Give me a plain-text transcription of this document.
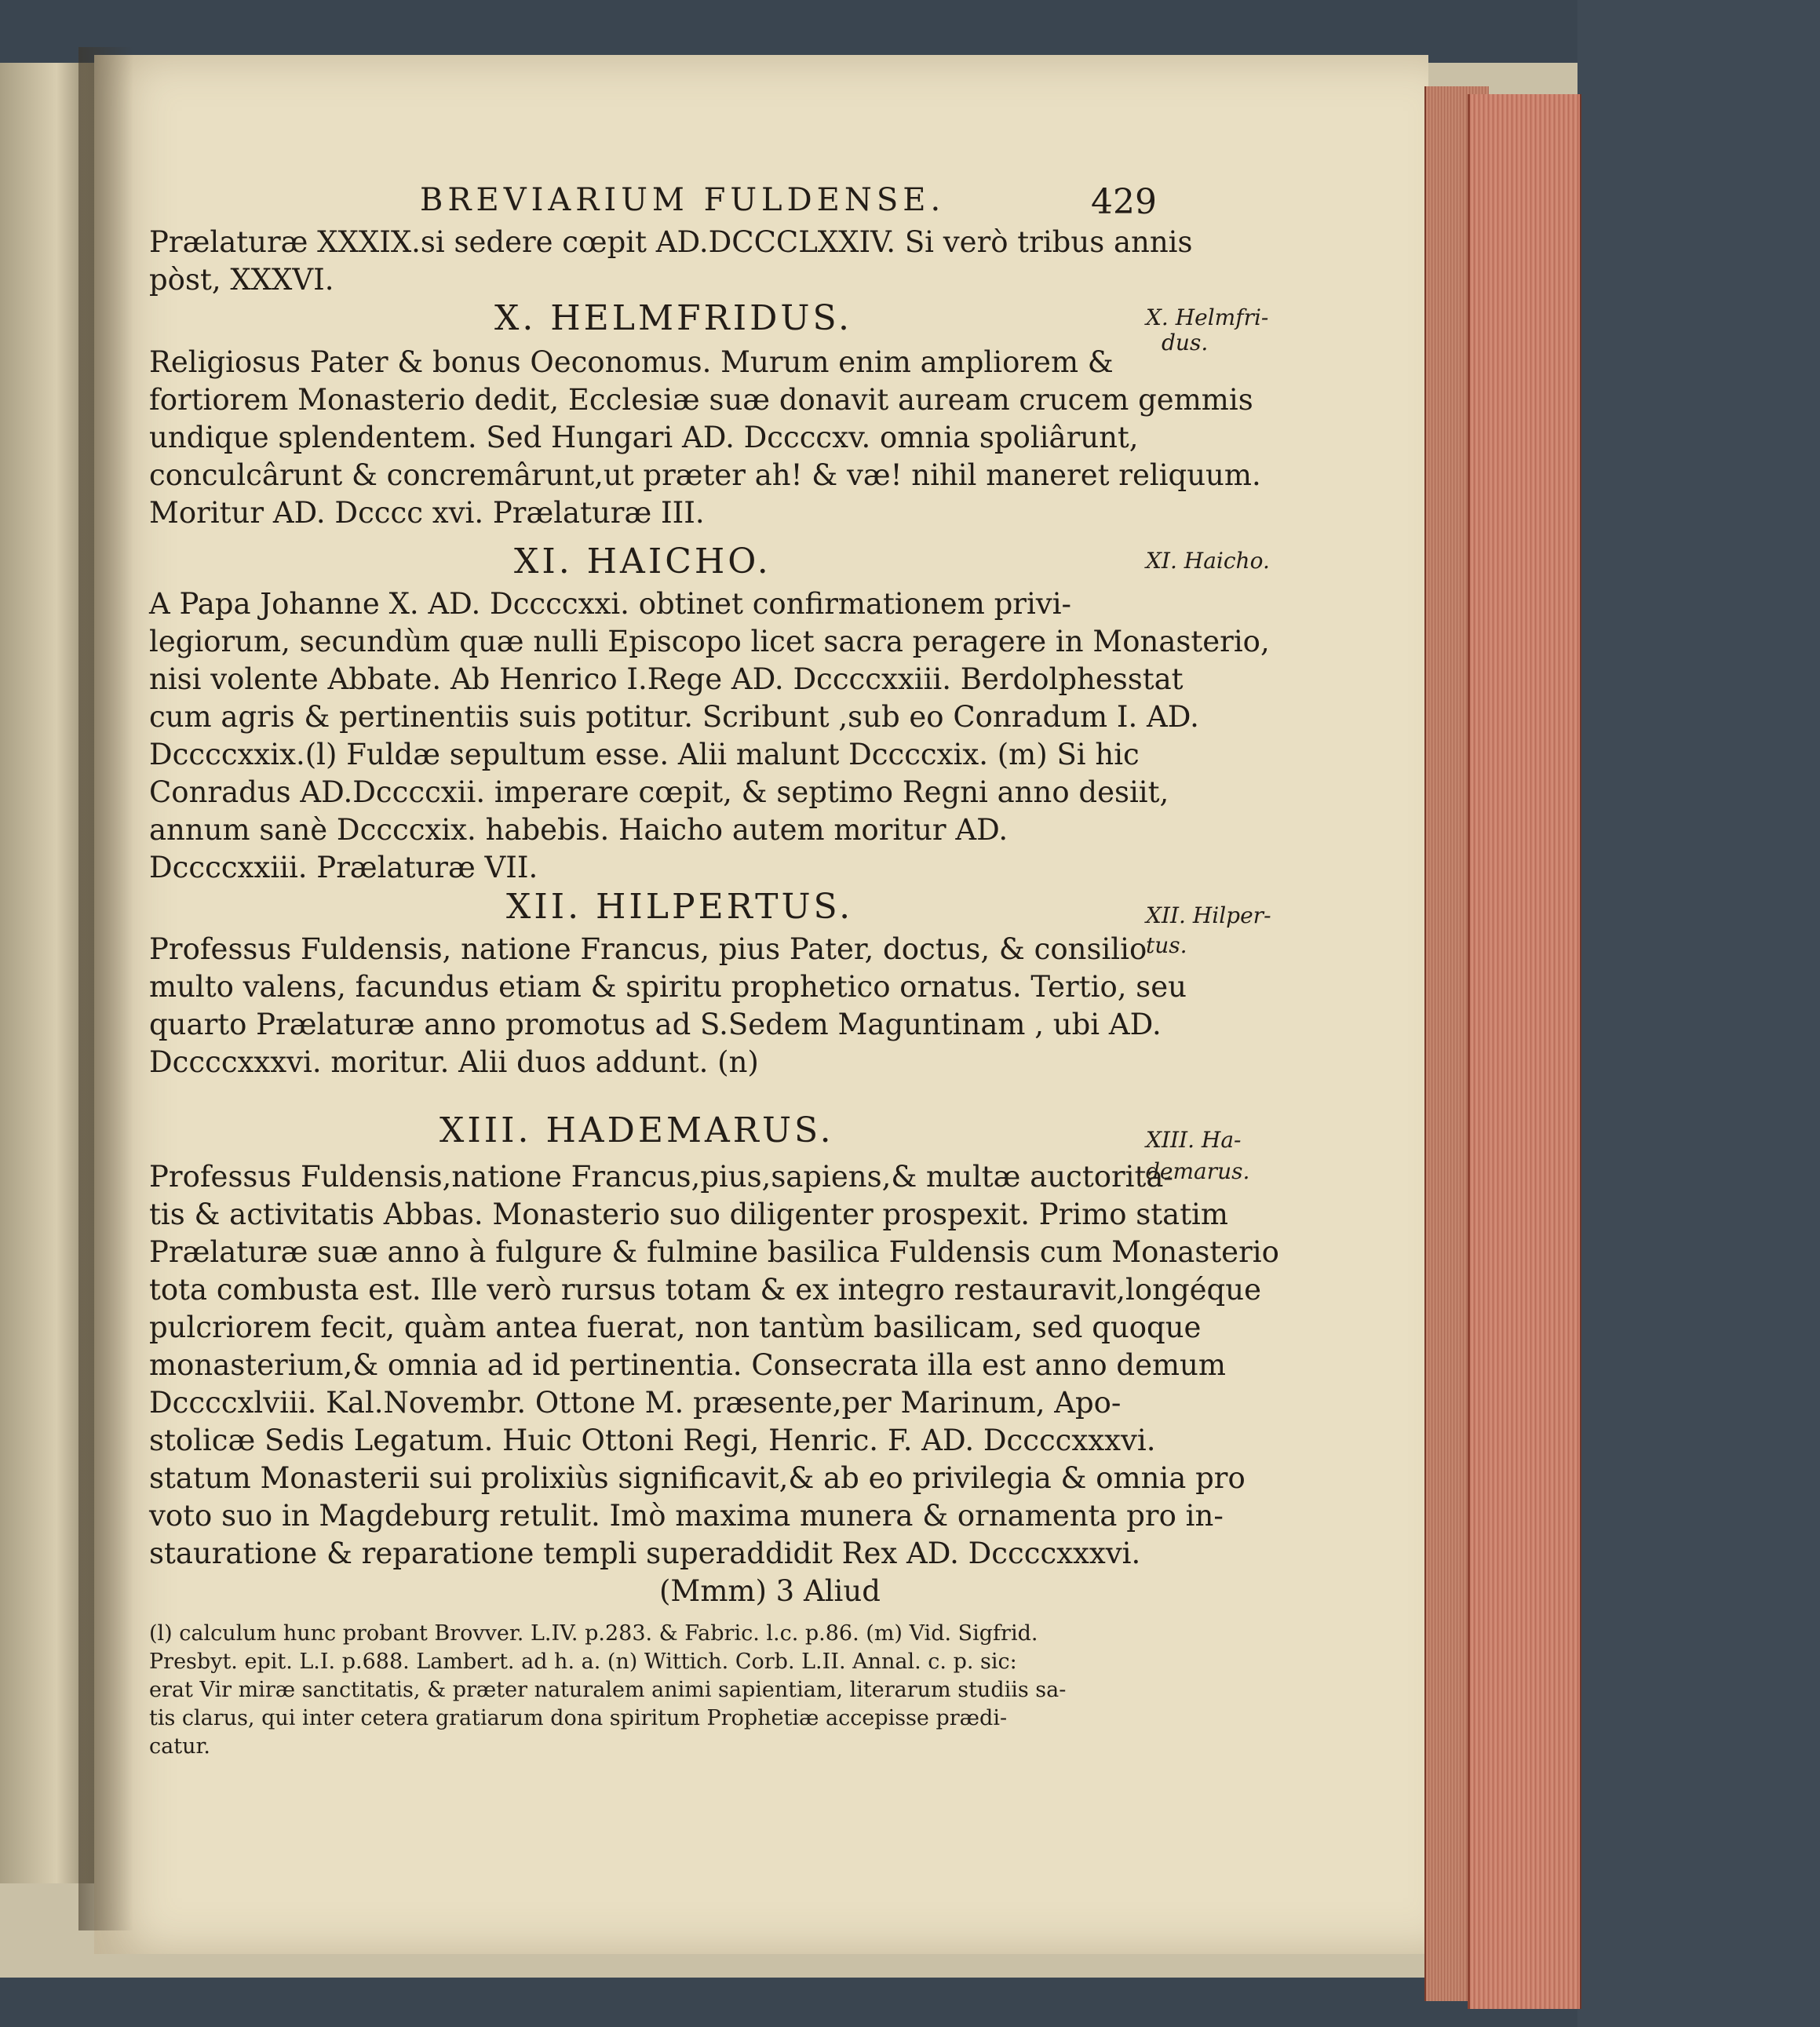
BREVIARIUM FULDENSE.	429
Prælaturæ XXXIX.si sedere cœpit AD.DCCCLXXIV. Si verò tribus annis
pòst, XXXVI.
X. HELMFRIDUS.
Religiosus Pater & bonus Oeconomus. Murum enim ampliorem &
fortiorem Monasterio dedit, Ecclesiæ suæ donavit auream crucem gemmis
undique splendentem. Sed Hungari AD. Dccccxv. omnia spoliârunt,
conculcârunt & concremârunt,ut præter ah! & væ! nihil maneret reliquum.
Moritur AD. Dcccc xvi. Prælaturæ III.
XI. HAICHO.
A Papa Johanne X. AD. Dccccxxi. obtinet confirmationem privi-
legiorum, secundùm quæ nulli Episcopo licet sacra peragere in Monasterio,
nisi volente Abbate. Ab Henrico I.Rege AD. Dccccxxiii. Berdolphesstat
cum agris & pertinentiis suis potitur. Scribunt ,sub eo Conradum I. AD.
Dccccxxix.(l) Fuldæ sepultum esse. Alii malunt Dccccxix. (m) Si hic
Conradus AD.Dccccxii. imperare cœpit, & septimo Regni anno desiit,
annum sanè Dccccxix. habebis. Haicho autem moritur AD.
Dccccxxiii. Prælaturæ VII.
XII. HILPERTUS.
Professus Fuldensis, natione Francus, pius Pater, doctus, & consilio
multo valens, facundus etiam & spiritu prophetico ornatus. Tertio, seu
quarto Prælaturæ anno promotus ad S.Sedem Maguntinam , ubi AD.
Dccccxxxvi. moritur. Alii duos addunt. (n)
XIII. HADEMARUS.
Professus Fuldensis,natione Francus,pius,sapiens,& multæ auctorita-
tis & activitatis Abbas. Monasterio suo diligenter prospexit. Primo statim
Prælaturæ suæ anno à fulgure & fulmine basilica Fuldensis cum Monasterio
tota combusta est. Ille verò rursus totam & ex integro restauravit,longéque
pulcriorem fecit, quàm antea fuerat, non tantùm basilicam, sed quoque
monasterium,& omnia ad id pertinentia. Consecrata illa est anno demum
Dccccxlviii. Kal.Novembr. Ottone M. præsente,per Marinum, Apo-
stolicæ Sedis Legatum. Huic Ottoni Regi, Henric. F. AD. Dccccxxxvi.
statum Monasterii sui prolixiùs significavit,& ab eo privilegia & omnia pro
voto suo in Magdeburg retulit. Imò maxima munera & ornamenta pro in-
stauratione & reparatione templi superaddidit Rex AD. Dccccxxxvi.
(Mmm) 3 Aliud
X. Helmfri-
dus.
XI. Haicho.
XII. Hilper-
tus.
XIII. Ha-
demarus.
(l) calculum hunc probant Brovver. L.IV. p.283. & Fabric. l.c. p.86. (m) Vid. Sigfrid.
Presbyt. epit. L.I. p.688. Lambert. ad h. a. (n) Wittich. Corb. L.II. Annal. c. p. sic:
erat Vir miræ sanctitatis, & præter naturalem animi sapientiam, literarum studiis sa-
tis clarus, qui inter cetera gratiarum dona spiritum Prophetiæ accepisse prædi-
catur.
